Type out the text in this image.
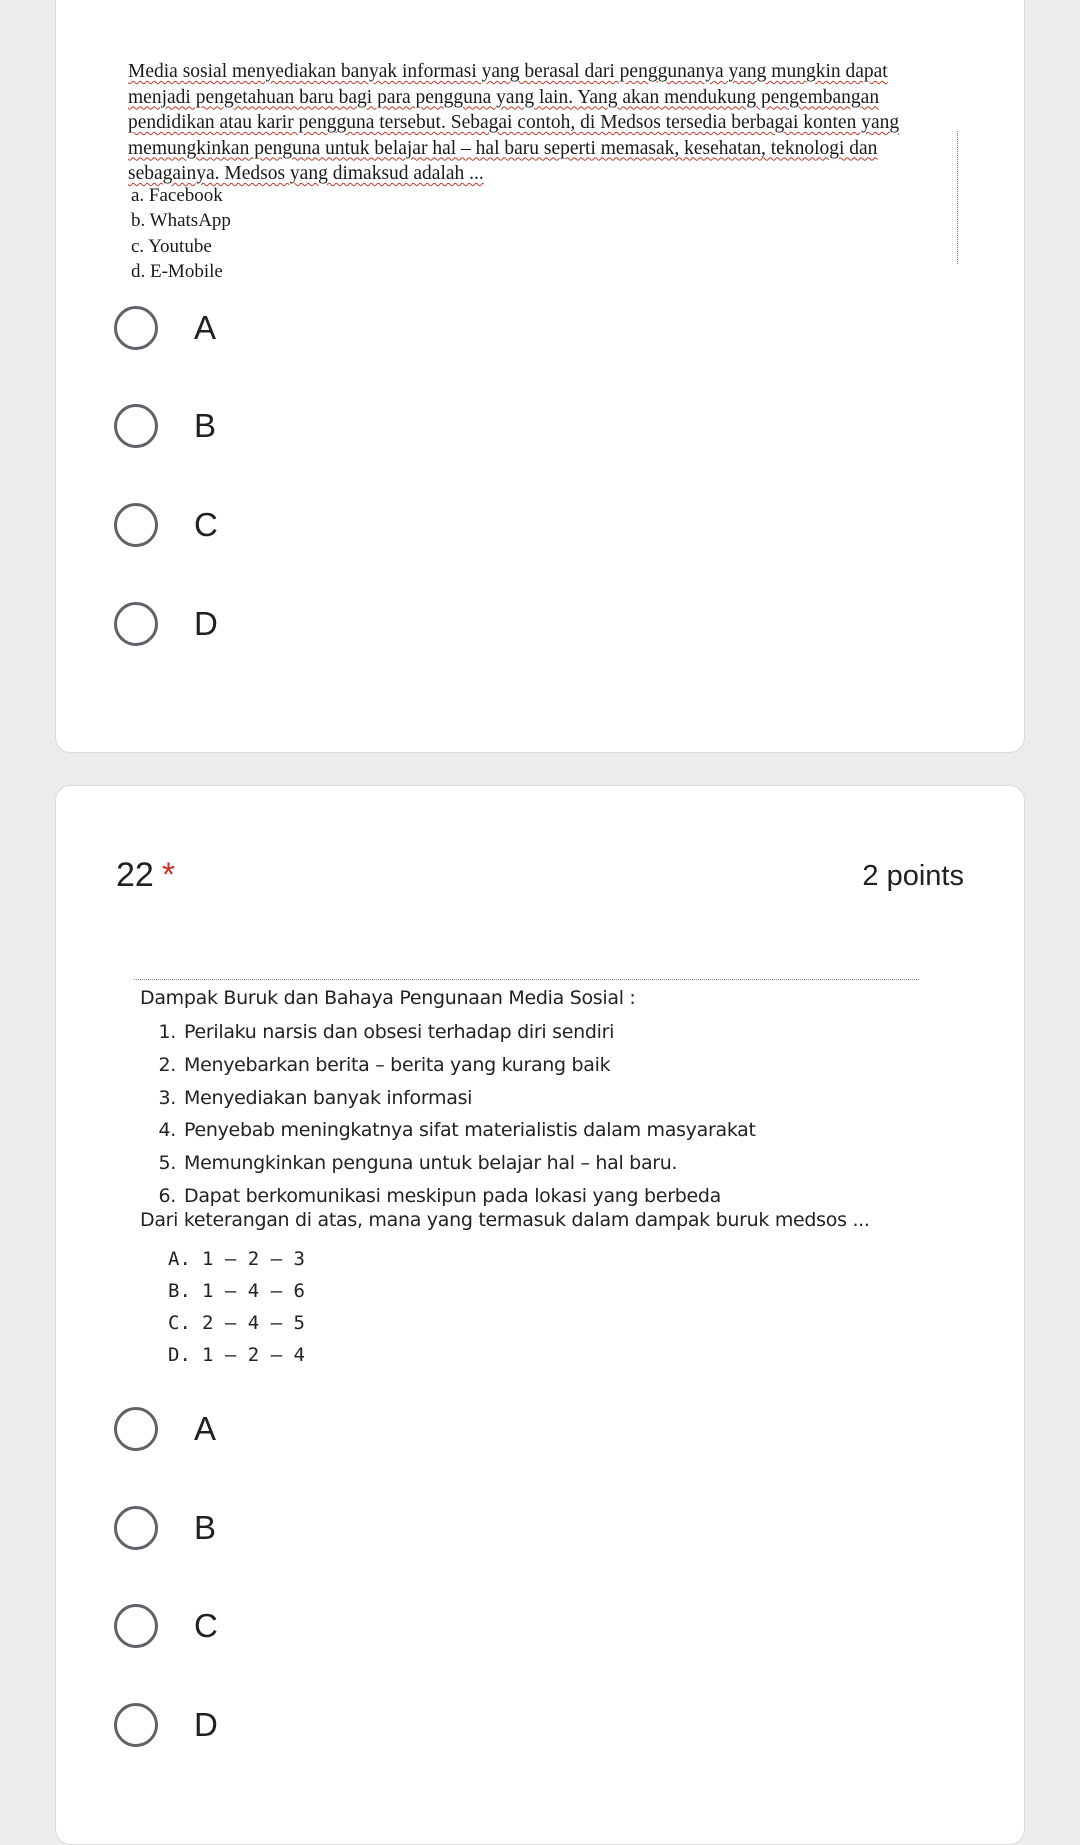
Media sosial menyediakan banyak informasi yang berasal dari penggunanya yang mungkin dapat
menjadi pengetahuan baru bagi para pengguna yang lain. Yang akan mendukung pengembangan
pendidikan atau karir pengguna tersebut. Sebagai contoh, di Medsos tersedia berbagai konten yang
memungkinkan penguna untuk belajar hal – hal baru seperti memasak, kesehatan, teknologi dan
sebagainya. Medsos yang dimaksud adalah ...
a. Facebook
b. WhatsApp
c. Youtube
d. E-Mobile
A
B
C
D
22 *	2 points
Dampak Buruk dan Bahaya Pengunaan Media Sosial :
1. Perilaku narsis dan obsesi terhadap diri sendiri
2. Menyebarkan berita – berita yang kurang baik
3. Menyediakan banyak informasi
4. Penyebab meningkatnya sifat materialistis dalam masyarakat
5. Memungkinkan penguna untuk belajar hal – hal baru.
6. Dapat berkomunikasi meskipun pada lokasi yang berbeda
Dari keterangan di atas, mana yang termasuk dalam dampak buruk medsos ...
A. 1 – 2 – 3
B. 1 – 4 – 6
C. 2 – 4 – 5
D. 1 – 2 – 4
A
B
C
D
